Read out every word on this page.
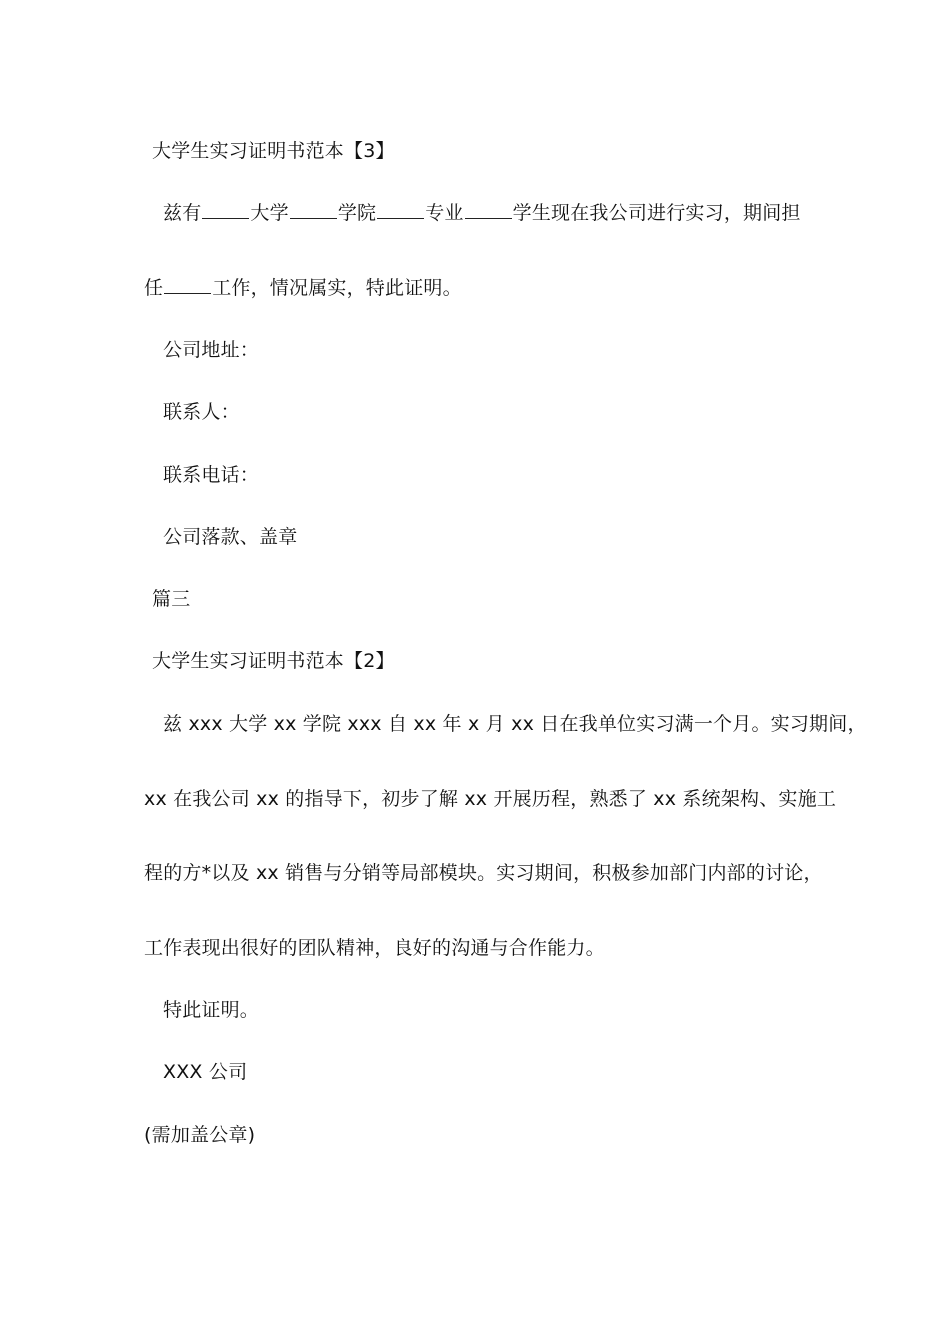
大学生实习证明书范本【3】
兹有	大学	学院	专业	学生现在我公司进行实习，期间担
任	工作，情况属实，特此证明。
公司地址：
联系人：
联系电话：
公司落款、盖章
篇三
大学生实习证明书范本【2】
兹 xxx 大学 xx 学院 xxx 自 xx 年 x 月 xx 日在我单位实习满一个月。实习期间，
xx 在我公司 xx 的指导下，初步了解 xx 开展历程，熟悉了 xx 系统架构、实施工
程的方*以及 xx 销售与分销等局部模块。实习期间，积极参加部门内部的讨论，
工作表现出很好的团队精神，良好的沟通与合作能力。
特此证明。
XXX 公司
(需加盖公章)
